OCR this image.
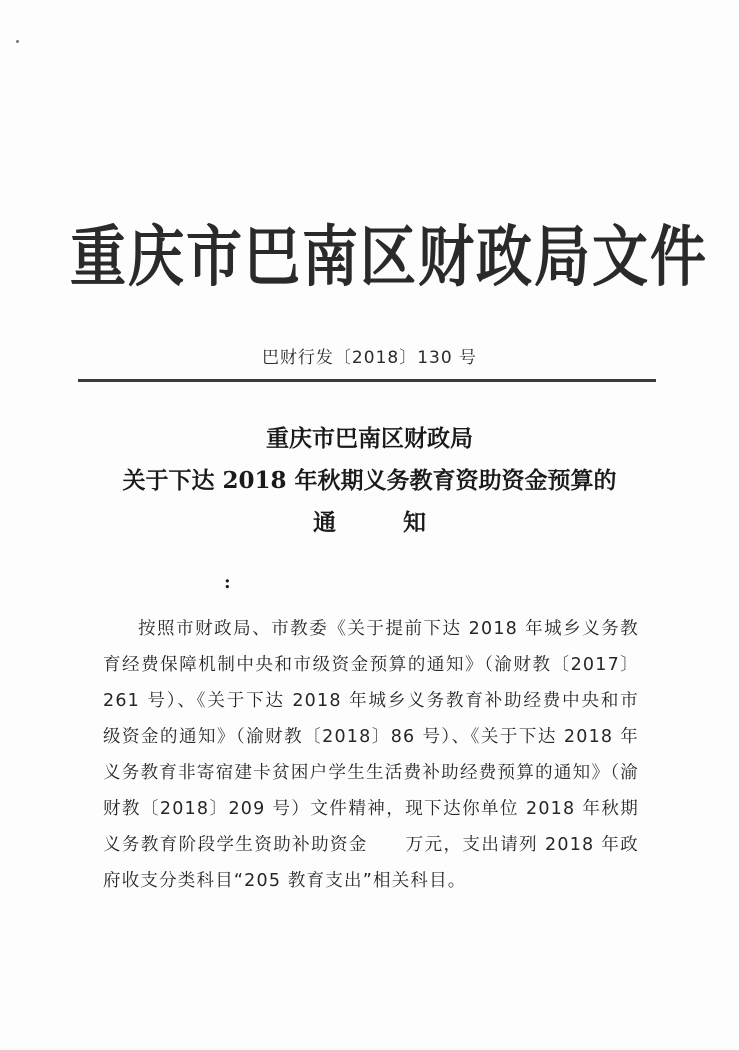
重庆市巴南区财政局文件
巴财行发〔2018〕130 号
重庆市巴南区财政局
关于下达 2018 年秋期义务教育资助资金预算的
通　知
:
按照市财政局、市教委《关于提前下达 2018 年城乡义务教育经费保障机制中央和市级资金预算的通知》（渝财教〔2017〕261 号）、《关于下达 2018 年城乡义务教育补助经费中央和市级资金的通知》（渝财教〔2018〕86 号）、《关于下达 2018 年义务教育非寄宿建卡贫困户学生生活费补助经费预算的通知》（渝财教〔2018〕209 号）文件精神，现下达你单位 2018 年秋期义务教育阶段学生资助补助资金　　万元，支出请列 2018 年政府收支分类科目“205 教育支出”相关科目。
